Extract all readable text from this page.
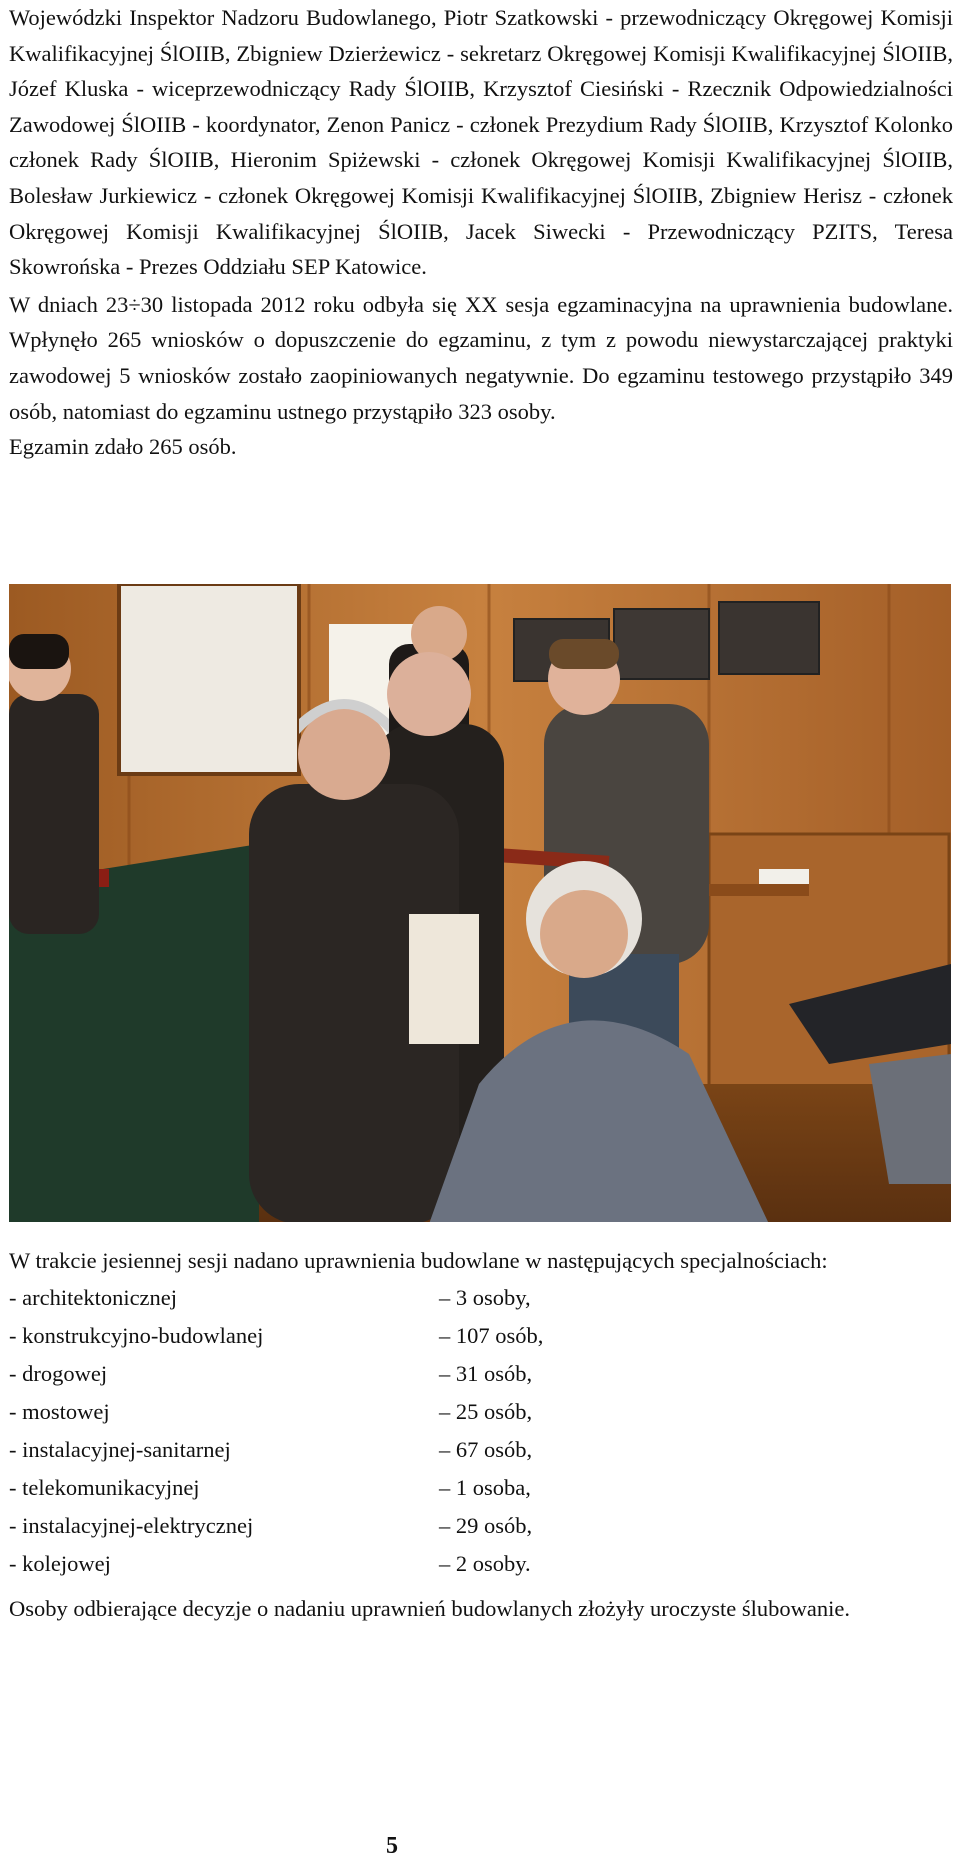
Wojewódzki Inspektor Nadzoru Budowlanego, Piotr Szatkowski - przewodniczący Okręgowej Komisji Kwalifikacyjnej ŚlOIIB, Zbigniew Dzierżewicz - sekretarz Okręgowej Komisji Kwalifikacyjnej ŚlOIIB, Józef Kluska - wiceprzewodniczący Rady ŚlOIIB, Krzysztof Ciesiński - Rzecznik Odpowiedzialności Zawodowej ŚlOIIB - koordynator, Zenon Panicz - członek Prezydium Rady ŚlOIIB, Krzysztof Kolonko członek Rady ŚlOIIB, Hieronim Spiżewski - członek Okręgowej Komisji Kwalifikacyjnej ŚlOIIB, Bolesław Jurkiewicz - członek Okręgowej Komisji Kwalifikacyjnej ŚlOIIB, Zbigniew Herisz - członek Okręgowej Komisji Kwalifikacyjnej ŚlOIIB, Jacek Siwecki - Przewodniczący PZITS, Teresa Skowrońska - Prezes Oddziału SEP Katowice.

W dniach 23÷30 listopada 2012 roku odbyła się XX sesja egzaminacyjna na uprawnienia budowlane. Wpłynęło 265 wniosków o dopuszczenie do egzaminu, z tym z powodu niewystarczającej praktyki zawodowej 5 wniosków zostało zaopiniowanych negatywnie. Do egzaminu testowego przystąpiło 349 osób, natomiast do egzaminu ustnego przystąpiło 323 osoby.

Egzamin zdało 265 osób.

W trakcie jesiennej sesji nadano uprawnienia budowlane w następujących specjalnościach:

- architektonicznej	– 3 osoby,
- konstrukcyjno-budowlanej	– 107 osób,
- drogowej	– 31 osób,
- mostowej	– 25 osób,
- instalacyjnej-sanitarnej	– 67 osób,
- telekomunikacyjnej	– 1 osoba,
- instalacyjnej-elektrycznej	– 29 osób,
- kolejowej	– 2 osoby.

Osoby odbierające decyzje o nadaniu uprawnień budowlanych złożyły uroczyste ślubowanie.

5
